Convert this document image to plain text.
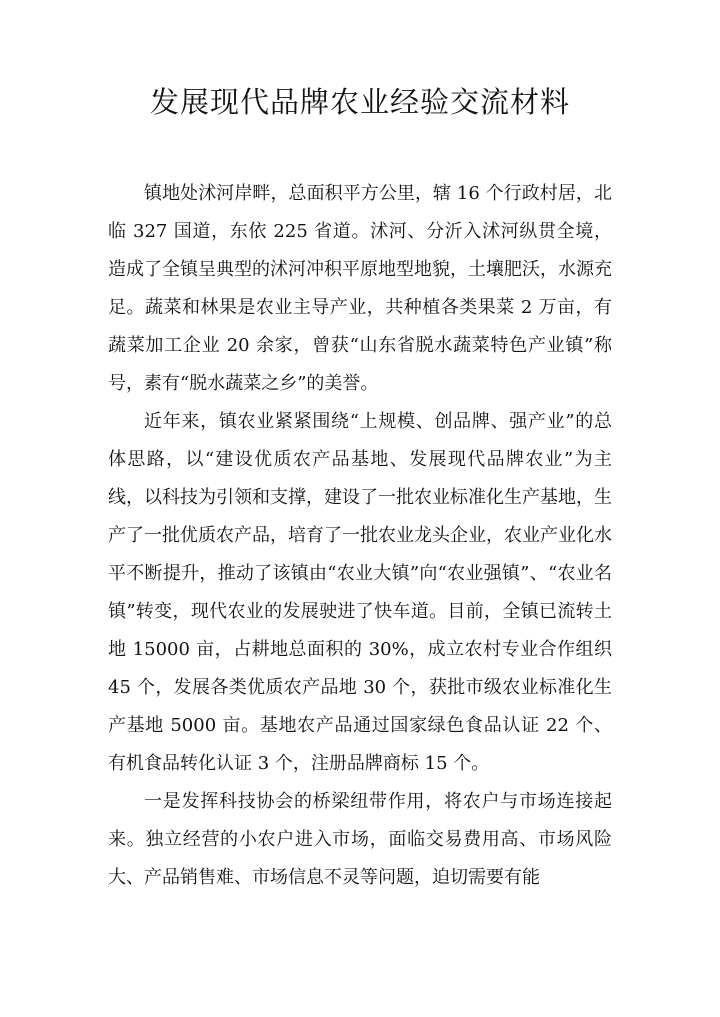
发展现代品牌农业经验交流材料

镇地处沭河岸畔，总面积平方公里，辖 16 个行政村居，北临 327 国道，东依 225 省道。沭河、分沂入沭河纵贯全境，造成了全镇呈典型的沭河冲积平原地型地貌，土壤肥沃，水源充足。蔬菜和林果是农业主导产业，共种植各类果菜 2 万亩，有蔬菜加工企业 20 余家，曾获“山东省脱水蔬菜特色产业镇”称号，素有“脱水蔬菜之乡”的美誉。

近年来，镇农业紧紧围绕“上规模、创品牌、强产业”的总体思路，以“建设优质农产品基地、发展现代品牌农业”为主线，以科技为引领和支撑，建设了一批农业标准化生产基地，生产了一批优质农产品，培育了一批农业龙头企业，农业产业化水平不断提升，推动了该镇由“农业大镇”向“农业强镇”、“农业名镇”转变，现代农业的发展驶进了快车道。目前，全镇已流转土地 15000 亩，占耕地总面积的 30%，成立农村专业合作组织 45 个，发展各类优质农产品地 30 个，获批市级农业标准化生产基地 5000 亩。基地农产品通过国家绿色食品认证 22 个、有机食品转化认证 3 个，注册品牌商标 15 个。

一是发挥科技协会的桥梁纽带作用，将农户与市场连接起来。独立经营的小农户进入市场，面临交易费用高、市场风险大、产品销售难、市场信息不灵等问题，迫切需要有能
